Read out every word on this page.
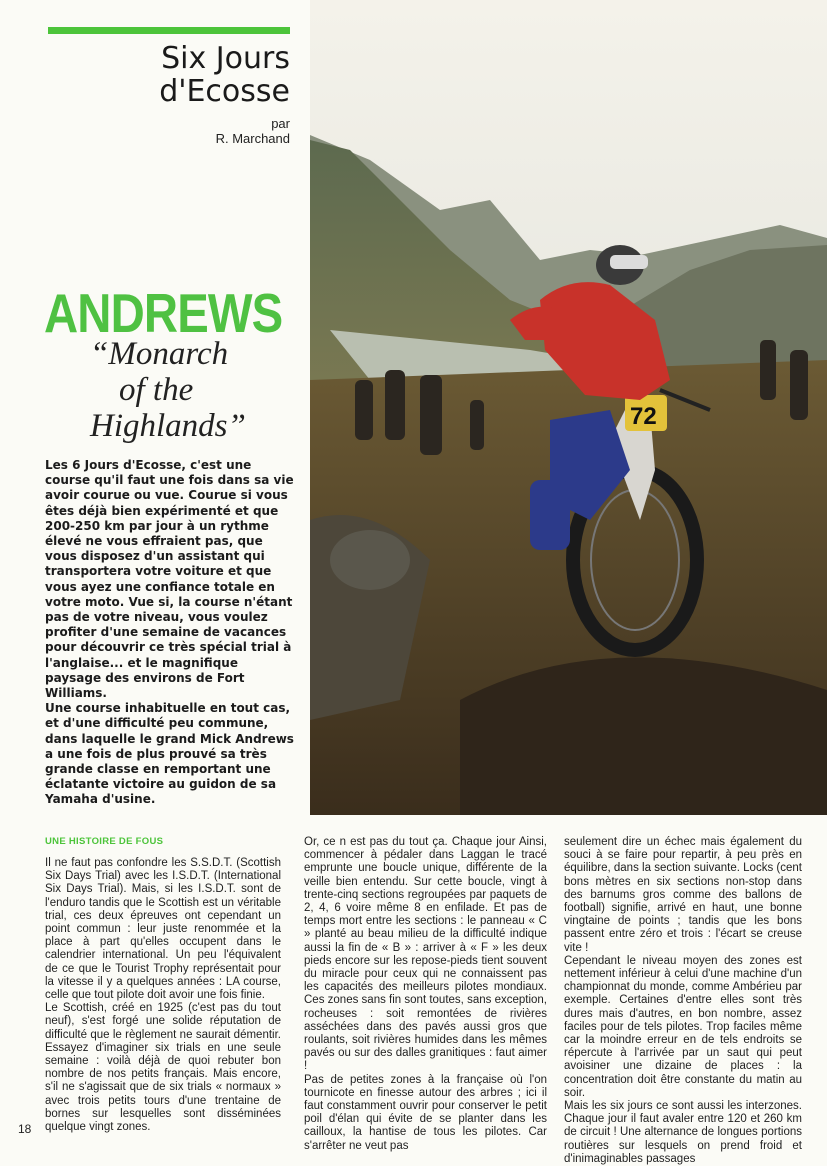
Six Jours
d'Ecosse
par
R. Marchand
72
ANDREWS
“Monarch
of the
Highlands”

Les 6 Jours d'Ecosse, c'est une course qu'il faut une fois dans sa vie avoir courue ou vue. Courue si vous êtes déjà bien expérimenté et que 200-250 km par jour à un rythme élevé ne vous effraient pas, que vous disposez d'un assistant qui transportera votre voiture et que vous ayez une confiance totale en votre moto. Vue si, la course n'étant pas de votre niveau, vous voulez profiter d'une semaine de vacances pour découvrir ce très spécial trial à l'anglaise... et le magnifique paysage des environs de Fort Williams.

Une course inhabituelle en tout cas, et d'une difficulté peu commune, dans laquelle le grand Mick Andrews a une fois de plus prouvé sa très grande classe en remportant une éclatante victoire au guidon de sa Yamaha d'usine.

UNE HISTOIRE DE FOUS

Il ne faut pas confondre les S.S.D.T. (Scottish Six Days Trial) avec les I.S.D.T. (International Six Days Trial). Mais, si les I.S.D.T. sont de l'enduro tandis que le Scottish est un véritable trial, ces deux épreuves ont cependant un point commun : leur juste renommée et la place à part qu'elles occupent dans le calendrier international. Un peu l'équivalent de ce que le Tourist Trophy représentait pour la vitesse il y a quelques années : LA course, celle que tout pilote doit avoir une fois finie.

Le Scottish, créé en 1925 (c'est pas du tout neuf), s'est forgé une solide réputation de difficulté que le règlement ne saurait démentir. Essayez d'imaginer six trials en une seule semaine : voilà déjà de quoi rebuter bon nombre de nos petits français. Mais encore, s'il ne s'agissait que de six trials « normaux » avec trois petits tours d'une trentaine de bornes sur lesquelles sont disséminées quelque vingt zones.

Or, ce n est pas du tout ça. Chaque jour Ainsi, commencer à pédaler dans Laggan le tracé emprunte une boucle unique, différente de la veille bien entendu. Sur cette boucle, vingt à trente-cinq sections regroupées par paquets de 2, 4, 6 voire même 8 en enfilade. Et pas de temps mort entre les sections : le panneau « C » planté au beau milieu de la difficulté indique aussi la fin de « B » : arriver à « F » les deux pieds encore sur les repose-pieds tient souvent du miracle pour ceux qui ne connaissent pas les capacités des meilleurs pilotes mondiaux. Ces zones sans fin sont toutes, sans exception, rocheuses : soit remontées de rivières asséchées dans des pavés aussi gros que roulants, soit rivières humides dans les mêmes pavés ou sur des dalles granitiques : faut aimer !

Pas de petites zones à la française où l'on tournicote en finesse autour des arbres ; ici il faut constamment ouvrir pour conserver le petit poil d'élan qui évite de se planter dans les cailloux, la hantise de tous les pilotes. Car s'arrêter ne veut pas

seulement dire un échec mais également du souci à se faire pour repartir, à peu près en équilibre, dans la section suivante. Locks (cent bons mètres en six sections non-stop dans des barnums gros comme des ballons de football) signifie, arrivé en haut, une bonne vingtaine de points ; tandis que les bons passent entre zéro et trois : l'écart se creuse vite !

Cependant le niveau moyen des zones est nettement inférieur à celui d'une machine d'un championnat du monde, comme Ambérieu par exemple. Certaines d'entre elles sont très dures mais d'autres, en bon nombre, assez faciles pour de tels pilotes. Trop faciles même car la moindre erreur en de tels endroits se répercute à l'arrivée par un saut qui peut avoisiner une dizaine de places : la concentration doit être constante du matin au soir.

Mais les six jours ce sont aussi les interzones. Chaque jour il faut avaler entre 120 et 260 km de circuit ! Une alternance de longues portions routières sur lesquels on prend froid et d'inimaginables passages

18
